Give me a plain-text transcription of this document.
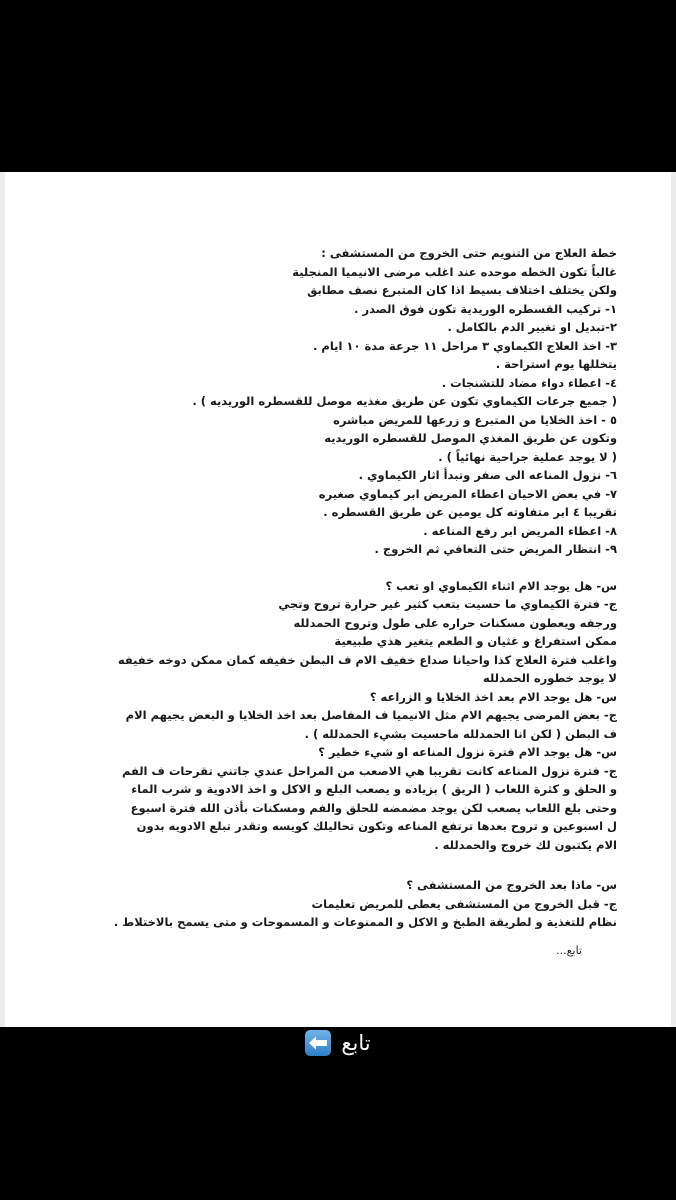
خطة العلاج من التنويم حتى الخروج من المستشفى :
غالباً تكون الخطه موحده عند اغلب مرضى الانيميا المنجلية
ولكن يختلف اختلاف بسيط اذا كان المتبرع نصف مطابق
١- تركيب القسطره الوريدية تكون فوق الصدر .
٢-تبديل او تغيير الدم بالكامل .
٣- اخذ العلاج الكيماوي ٣ مراحل ١١ جرعة مدة ١٠ ايام .
يتخللها يوم استراحة .
٤- اعطاء دواء مضاد للتشنجات .
( جميع جرعات الكيماوي تكون عن طريق مغذيه موصل للقسطره الوريديه ) .
٥ - اخذ الخلايا من المتبرع و زرعها للمريض مباشره
وتكون عن طريق المغذي الموصل للقسطره الوريديه
( لا يوجد عملية جراحية نهائياً ) .
٦- نزول المناعه الى صفر وتبدأ اثار الكيماوي .
٧- في بعض الاحيان اعطاء المريض ابر كيماوي صغيره
تقريبا ٤ ابر متفاوته كل يومين عن طريق القسطره .
٨- اعطاء المريض ابر رفع المناعه .
٩- انتظار المريض حتى التعافي ثم الخروج .
س- هل يوجد الام اثناء الكيماوي او تعب ؟
ج- فترة الكيماوي ما حسيت بتعب كثير غير حرارة تروح وتجي
ورجفه ويعطون مسكنات حراره على طول وتروح الحمدلله
ممكن استفراغ و غثيان و الطعم يتغير هذي طبيعية
واغلب فترة العلاج كذا واحيانا صداع خفيف الام ف البطن خفيفه كمان ممكن دوخه خفيفه لا يوجد خطوره الحمدلله
س- هل يوجد الام بعد اخذ الخلايا و الزراعه ؟
ج- بعض المرضى يجيهم الام مثل الانيميا ف المفاصل بعد اخذ الخلايا و البعض يجيهم الام ف البطن ( لكن انا الحمدلله ماحسيت بشيء الحمدلله ) .
س- هل يوجد الام فترة نزول المناعه او شيء خطير ؟
ج- فترة نزول المناعه كانت تقريبا هي الاصعب من المراحل عندي جاتني تقرحات ف الفم و الحلق و كثرة اللعاب ( الريق ) بزياده و يصعب البلع و الاكل و اخذ الادوية و شرب الماء وحتى بلع اللعاب يصعب لكن يوجد مضمضه للحلق والفم ومسكنات بأذن الله فترة اسبوع ل اسبوعين و تروح بعدها ترتفع المناعه وتكون تحاليلك كويسه وتقدر تبلع الادويه بدون الام يكتبون لك خروج والحمدلله .
س- ماذا بعد الخروج من المستشفى ؟
ج- قبل الخروج من المستشفى يعطى للمريض تعليمات
نظام للتغذية و لطريقة الطبخ و الاكل و الممنوعات و المسموحات و متى يسمح بالاختلاط .
تابع...
تابع
